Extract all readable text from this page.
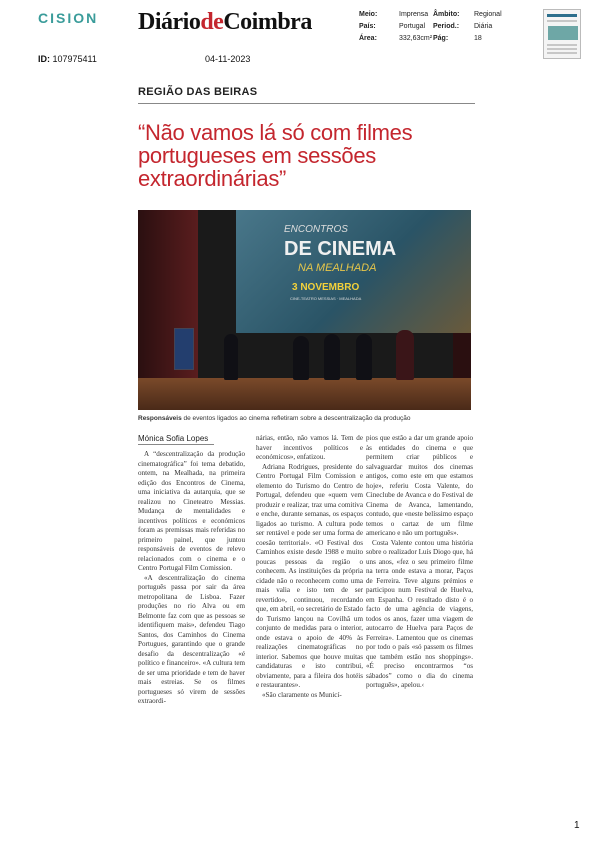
CISION DiáriodeCoimbra	Meio:	Imprensa
País:	Portugal
Área:	332,63cm²
Âmbito: Regional
Period.: Diária
Pág:	18
ID: 107975411	04-11-2023
REGIÃO DAS BEIRAS
“Não vamos lá só com filmes portugueses em sessões extraordinárias”
ENCONTROS
DE CINEMA
NA MEALHADA
3 NOVEMBRO
CINE-TEATRO MESSIAS · MEALHADA
Responsáveis de eventos ligados ao cinema refletiram sobre a descentralização da produção
Mónica Sofia Lopes

A “descentralização da produção cinematográfica” foi tema debatido, ontem, na Mealhada, na primeira edição dos Encontros de Cinema, uma iniciativa da autarquia, que se realizou no Cineteatro Messias. Mudança de mentalidades e incentivos políticos e económicos foram as premissas mais referidas no primeiro painel, que juntou responsáveis de eventos de relevo relacionados com o cinema e o Centro Portugal Film Comission.

«A descentralização do cinema português passa por sair da área metropolitana de Lisboa. Fazer produções no rio Alva ou em Belmonte faz com que as pessoas se identifiquem mais», defendeu Tiago Santos, dos Caminhos do Cinema Portugues, garantindo que o grande desafio da descentralização «é político e financeiro». «A cultura tem de ser uma prioridade e tem de haver mais estreias. Se os filmes portugueses só virem de sessões extraordi-

nárias, então, não vamos lá. Tem de haver incentivos políticos e económicos», enfatizou.

Adriana Rodrigues, presidente do Centro Portugal Film Comission e elemento do Turismo do Centro de Portugal, defendeu que «quem vem produzir e realizar, traz uma comitiva e enche, durante semanas, os espaços ligados ao turismo. A cultura pode ser rentável e pode ser uma forma de coesão territorial». «O Festival dos Caminhos existe desde 1988 e muito poucas pessoas da região o conhecem. As instituições da própria cidade não o reconhecem como uma mais valia e isto tem de ser revertido», continuou, recordando que, em abril, «o secretário de Estado do Turismo lançou na Covilhã um conjunto de medidas para o interior, onde estava o apoio de 40% às realizações cinematográficas no interior. Sabemos que houve muitas candidaturas e isto contribui, obviamente, para a fileira dos hotéis e restaurantes».

«São claramente os Municí-

pios que estão a dar um grande apoio às entidades do cinema e que permitem criar públicos e salvaguardar muitos dos cinemas antigos, como este em que estamos hoje», referiu Costa Valente, do Cineclube de Avanca e do Festival de Cinema de Avanca, lamentando, contudo, que «neste belíssimo espaço temos o cartaz de um filme americano e não um português».

Costa Valente contou uma história sobre o realizador Luís Diogo que, há uns anos, «fez o seu primeiro filme na terra onde estava a morar, Paços de Ferreira. Teve alguns prémios e participou num Festival de Huelva, em Espanha. O resultado disto é o facto de uma agência de viagens, todos os anos, fazer uma viagem de autocarro de Huelva para Paços de Ferreira». Lamentou que os cinemas por todo o país «só passem os filmes que também estão nos shoppings». «É preciso encontrarmos “os sábados” como o dia do cinema português», apelou.‹

1
